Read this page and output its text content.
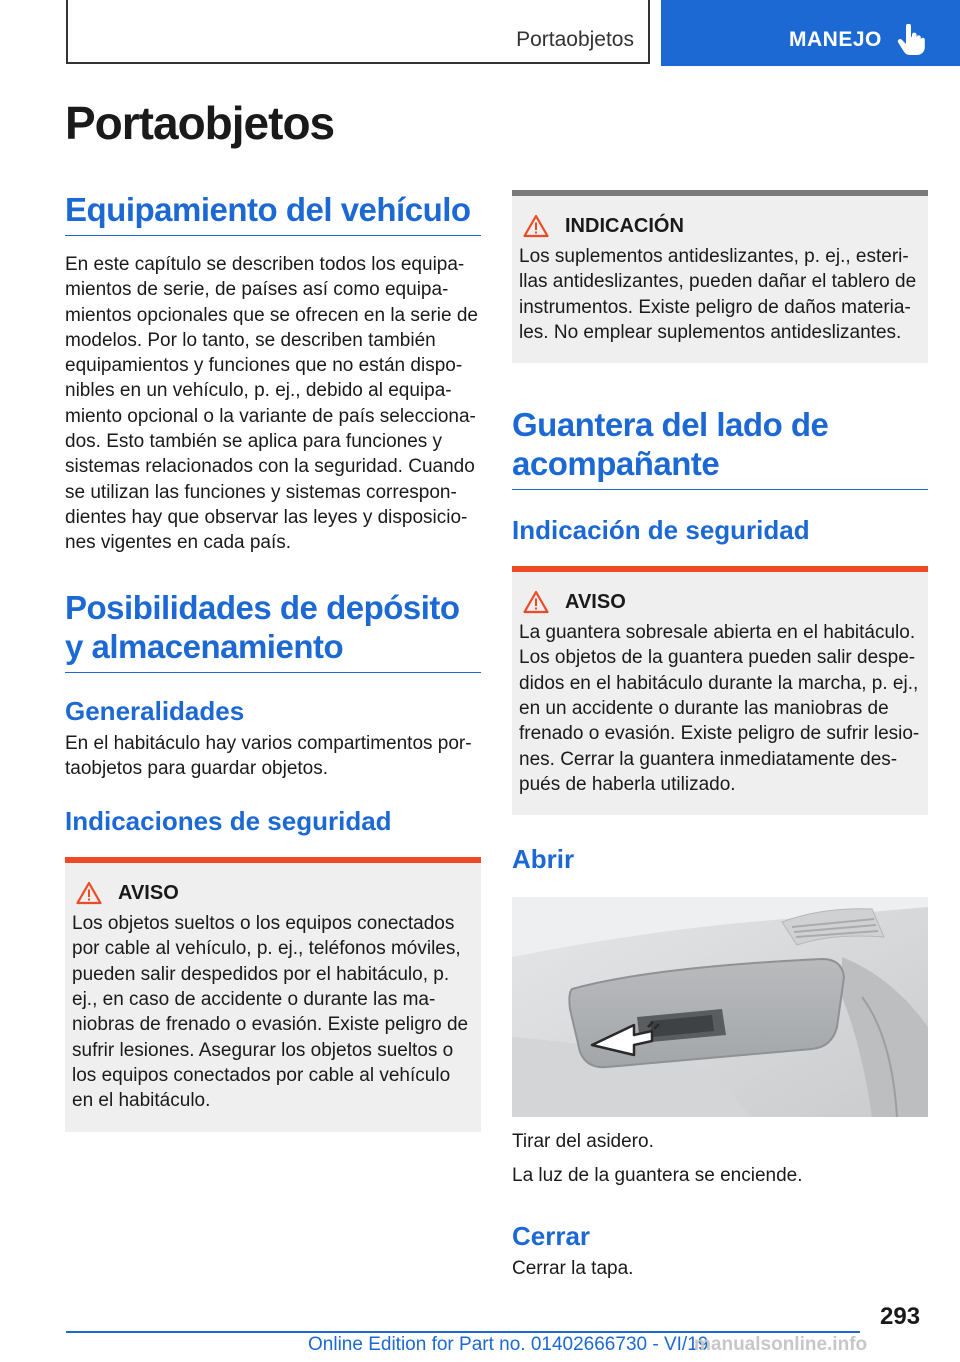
Portaobjetos	MANEJO
Portaobjetos
Equipamiento del vehículo
En este capítulo se describen todos los equipa-mientos de serie, de países así como equipa-mientos opcionales que se ofrecen en la serie de modelos. Por lo tanto, se describen también equipamientos y funciones que no están dispo-nibles en un vehículo, p. ej., debido al equipa-miento opcional o la variante de país selecciona-dos. Esto también se aplica para funciones y sistemas relacionados con la seguridad. Cuando se utilizan las funciones y sistemas correspon-dientes hay que observar las leyes y disposicio-nes vigentes en cada país.
Posibilidades de depósito y almacenamiento
Generalidades
En el habitáculo hay varios compartimentos por-taobjetos para guardar objetos.
Indicaciones de seguridad
AVISO
Los objetos sueltos o los equipos conectados por cable al vehículo, p. ej., teléfonos móviles, pueden salir despedidos por el habitáculo, p. ej., en caso de accidente o durante las ma-niobras de frenado o evasión. Existe peligro de sufrir lesiones. Asegurar los objetos sueltos o los equipos conectados por cable al vehículo en el habitáculo.
INDICACIÓN
Los suplementos antideslizantes, p. ej., esteri-llas antideslizantes, pueden dañar el tablero de instrumentos. Existe peligro de daños materia-les. No emplear suplementos antideslizantes.
Guantera del lado de acompañante
Indicación de seguridad
AVISO
La guantera sobresale abierta en el habitáculo. Los objetos de la guantera pueden salir despe-didos en el habitáculo durante la marcha, p. ej., en un accidente o durante las maniobras de frenado o evasión. Existe peligro de sufrir lesio-nes. Cerrar la guantera inmediatamente des-pués de haberla utilizado.
Abrir
Tirar del asidero.
La luz de la guantera se enciende.
Cerrar
Cerrar la tapa.
293
Online Edition for Part no. 01402666730 - VI/19
manualsonline.info
